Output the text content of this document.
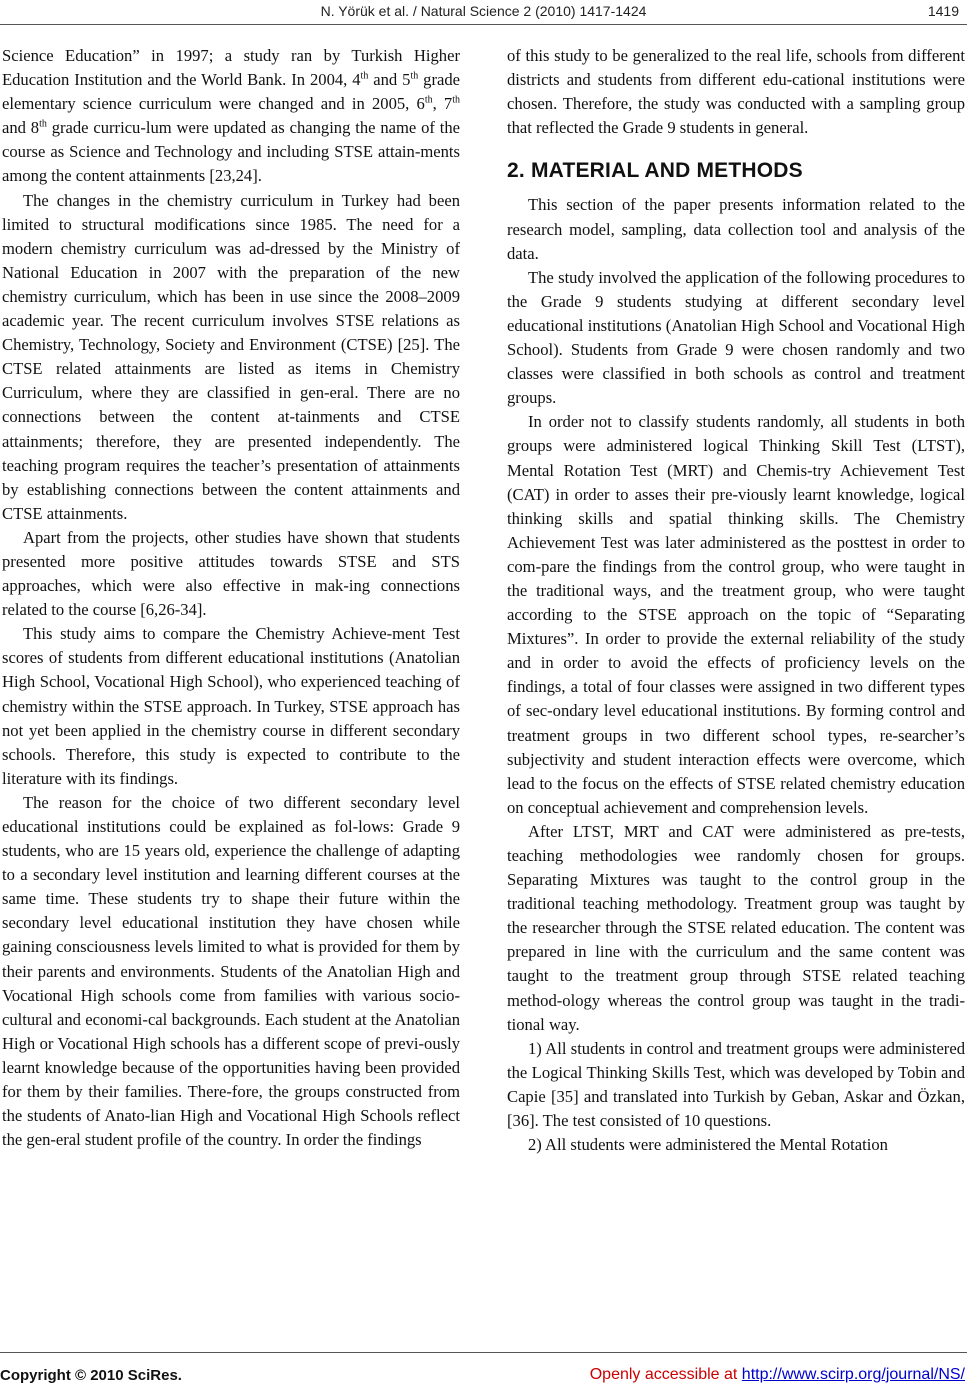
N. Yörük et al. / Natural Science 2 (2010) 1417-1424	1419

Science Education” in 1997; a study ran by Turkish Higher Education Institution and the World Bank. In 2004, 4th and 5th grade elementary science curriculum were changed and in 2005, 6th, 7th and 8th grade curricu-lum were updated as changing the name of the course as Science and Technology and including STSE attain-ments among the content attainments [23,24].

The changes in the chemistry curriculum in Turkey had been limited to structural modifications since 1985. The need for a modern chemistry curriculum was ad-dressed by the Ministry of National Education in 2007 with the preparation of the new chemistry curriculum, which has been in use since the 2008–2009 academic year. The recent curriculum involves STSE relations as Chemistry, Technology, Society and Environment (CTSE) [25]. The CTSE related attainments are listed as items in Chemistry Curriculum, where they are classified in gen-eral. There are no connections between the content at-tainments and CTSE attainments; therefore, they are presented independently. The teaching program requires the teacher’s presentation of attainments by establishing connections between the content attainments and CTSE attainments.

Apart from the projects, other studies have shown that students presented more positive attitudes towards STSE and STS approaches, which were also effective in mak-ing connections related to the course [6,26-34].

This study aims to compare the Chemistry Achieve-ment Test scores of students from different educational institutions (Anatolian High School, Vocational High School), who experienced teaching of chemistry within the STSE approach. In Turkey, STSE approach has not yet been applied in the chemistry course in different secondary schools. Therefore, this study is expected to contribute to the literature with its findings.

The reason for the choice of two different secondary level educational institutions could be explained as fol-lows: Grade 9 students, who are 15 years old, experience the challenge of adapting to a secondary level institution and learning different courses at the same time. These students try to shape their future within the secondary level educational institution they have chosen while gaining consciousness levels limited to what is provided for them by their parents and environments. Students of the Anatolian High and Vocational High schools come from families with various socio-cultural and economi-cal backgrounds. Each student at the Anatolian High or Vocational High schools has a different scope of previ-ously learnt knowledge because of the opportunities having been provided for them by their families. There-fore, the groups constructed from the students of Anato-lian High and Vocational High Schools reflect the gen-eral student profile of the country. In order the findings

of this study to be generalized to the real life, schools from different districts and students from different edu-cational institutions were chosen. Therefore, the study was conducted with a sampling group that reflected the Grade 9 students in general.

2. MATERIAL AND METHODS

This section of the paper presents information related to the research model, sampling, data collection tool and analysis of the data.

The study involved the application of the following procedures to the Grade 9 students studying at different secondary level educational institutions (Anatolian High School and Vocational High School). Students from Grade 9 were chosen randomly and two classes were classified in both schools as control and treatment groups.

In order not to classify students randomly, all students in both groups were administered logical Thinking Skill Test (LTST), Mental Rotation Test (MRT) and Chemis-try Achievement Test (CAT) in order to asses their pre-viously learnt knowledge, logical thinking skills and spatial thinking skills. The Chemistry Achievement Test was later administered as the posttest in order to com-pare the findings from the control group, who were taught in the traditional ways, and the treatment group, who were taught according to the STSE approach on the topic of “Separating Mixtures”. In order to provide the external reliability of the study and in order to avoid the effects of proficiency levels on the findings, a total of four classes were assigned in two different types of sec-ondary level educational institutions. By forming control and treatment groups in two different school types, re-searcher’s subjectivity and student interaction effects were overcome, which lead to the focus on the effects of STSE related chemistry education on conceptual achievement and comprehension levels.

After LTST, MRT and CAT were administered as pre-tests, teaching methodologies wee randomly chosen for groups. Separating Mixtures was taught to the control group in the traditional teaching methodology. Treatment group was taught by the researcher through the STSE related education. The content was prepared in line with the curriculum and the same content was taught to the treatment group through STSE related teaching method-ology whereas the control group was taught in the tradi-tional way.

1) All students in control and treatment groups were administered the Logical Thinking Skills Test, which was developed by Tobin and Capie [35] and translated into Turkish by Geban, Askar and Özkan, [36]. The test consisted of 10 questions.

2) All students were administered the Mental Rotation

Copyright © 2010 SciRes.	Openly accessible at http://www.scirp.org/journal/NS/
